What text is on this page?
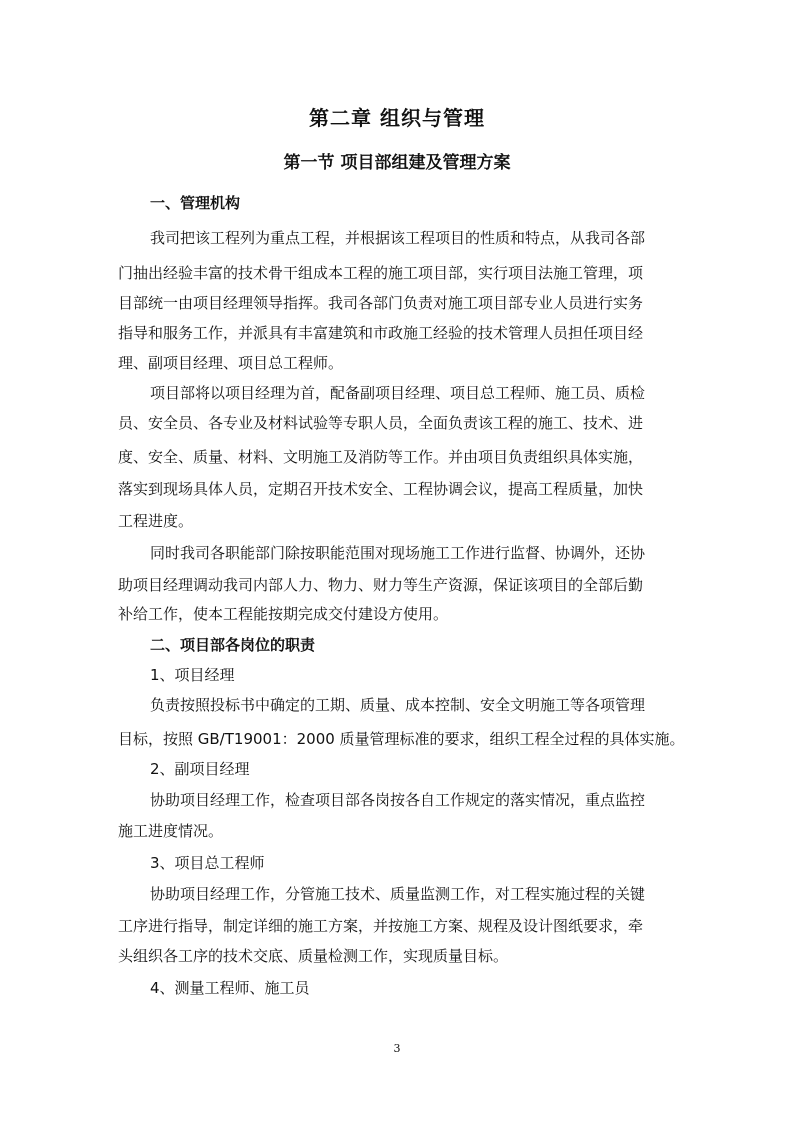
第二章 组织与管理
第一节 项目部组建及管理方案
一、管理机构
我司把该工程列为重点工程，并根据该工程项目的性质和特点，从我司各部
门抽出经验丰富的技术骨干组成本工程的施工项目部，实行项目法施工管理，项
目部统一由项目经理领导指挥。我司各部门负责对施工项目部专业人员进行实务
指导和服务工作，并派具有丰富建筑和市政施工经验的技术管理人员担任项目经
理、副项目经理、项目总工程师。
项目部将以项目经理为首，配备副项目经理、项目总工程师、施工员、质检
员、安全员、各专业及材料试验等专职人员，全面负责该工程的施工、技术、进
度、安全、质量、材料、文明施工及消防等工作。并由项目负责组织具体实施，
落实到现场具体人员，定期召开技术安全、工程协调会议，提高工程质量，加快
工程进度。
同时我司各职能部门除按职能范围对现场施工工作进行监督、协调外，还协
助项目经理调动我司内部人力、物力、财力等生产资源，保证该项目的全部后勤
补给工作，使本工程能按期完成交付建设方使用。
二、项目部各岗位的职责
1、项目经理
负责按照投标书中确定的工期、质量、成本控制、安全文明施工等各项管理
目标，按照 GB/T19001：2000 质量管理标准的要求，组织工程全过程的具体实施。
2、副项目经理
协助项目经理工作，检查项目部各岗按各自工作规定的落实情况，重点监控
施工进度情况。
3、项目总工程师
协助项目经理工作，分管施工技术、质量监测工作，对工程实施过程的关键
工序进行指导，制定详细的施工方案，并按施工方案、规程及设计图纸要求，牵
头组织各工序的技术交底、质量检测工作，实现质量目标。
4、测量工程师、施工员
3
